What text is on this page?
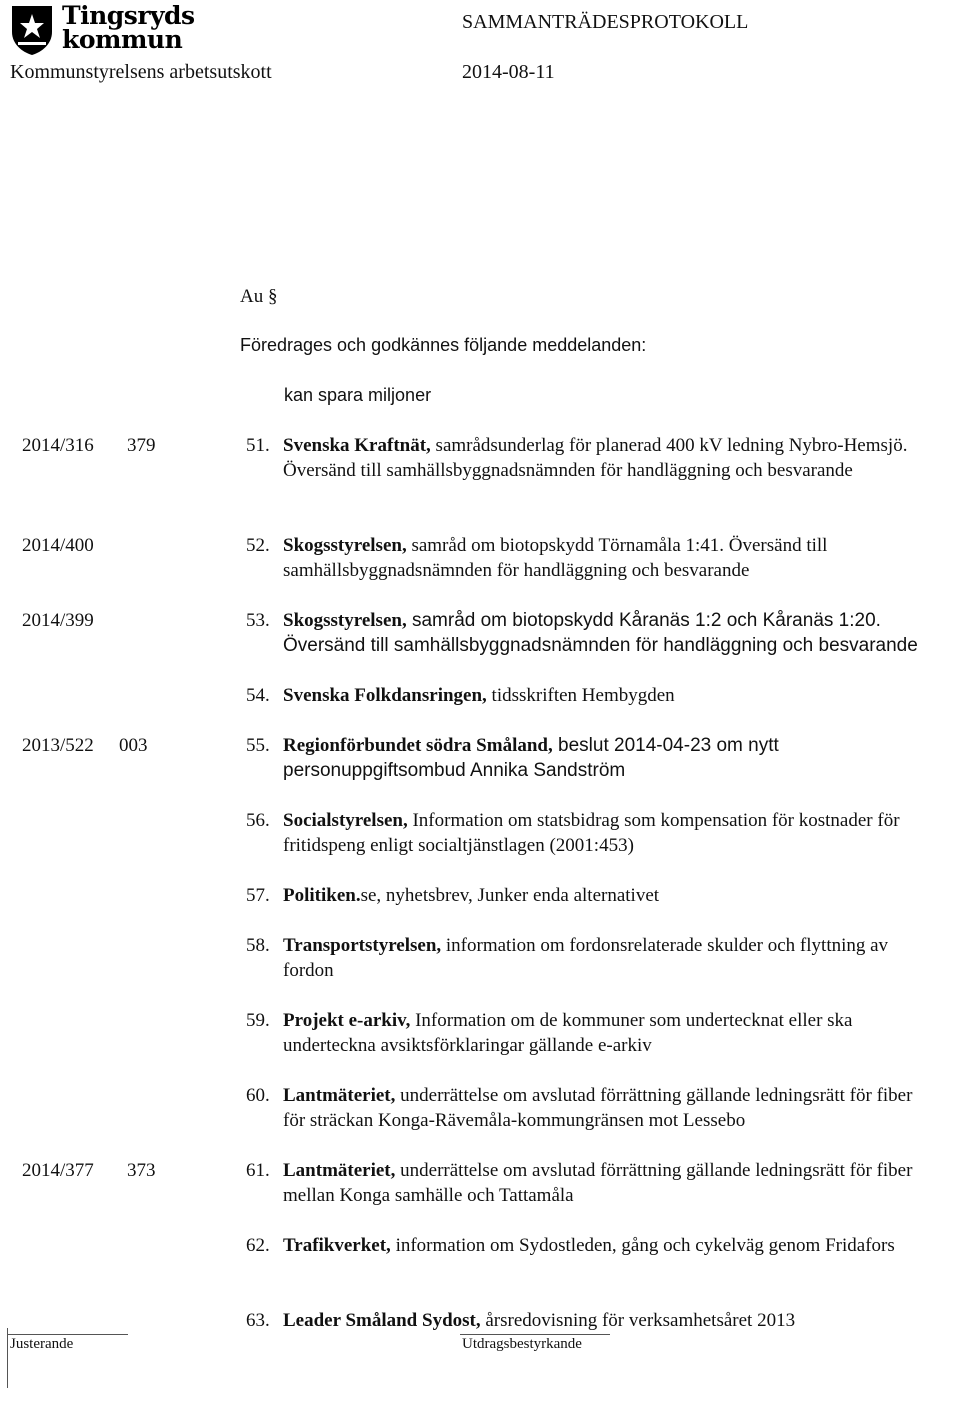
Tingsryds
kommun
SAMMANTRÄDESPROTOKOLL
Kommunstyrelsens arbetsutskott	2014-08-11
Au §
Föredrages och godkännes följande meddelanden:
kan spara miljoner
2014/316 379	51. Svenska Kraftnät, samrådsunderlag för planerad 400 kV ledning Nybro-Hemsjö. Översänd till samhällsbyggnadsnämnden för handläggning och besvarande
2014/400	52. Skogsstyrelsen, samråd om biotopskydd Törnamåla 1:41. Översänd till samhällsbyggnadsnämnden för handläggning och besvarande
2014/399	53. Skogsstyrelsen, samråd om biotopskydd Kåranäs 1:2 och Kåranäs 1:20. Översänd till samhällsbyggnadsnämnden för handläggning och besvarande
54. Svenska Folkdansringen, tidsskriften Hembygden
2013/522 003	55. Regionförbundet södra Småland, beslut 2014-04-23 om nytt personuppgiftsombud Annika Sandström
56. Socialstyrelsen, Information om statsbidrag som kompensation för kostnader för fritidspeng enligt socialtjänstlagen (2001:453)
57. Politiken.se, nyhetsbrev, Junker enda alternativet
58. Transportstyrelsen, information om fordonsrelaterade skulder och flyttning av fordon
59. Projekt e-arkiv, Information om de kommuner som undertecknat eller ska underteckna avsiktsförklaringar gällande e-arkiv
60. Lantmäteriet, underrättelse om avslutad förrättning gällande ledningsrätt för fiber för sträckan Konga-Rävemåla-kommungränsen mot Lessebo
2014/377 373	61. Lantmäteriet, underrättelse om avslutad förrättning gällande ledningsrätt för fiber mellan Konga samhälle och Tattamåla
62. Trafikverket, information om Sydostleden, gång och cykelväg genom Fridafors
63. Leader Småland Sydost, årsredovisning för verksamhetsåret 2013
Justerande	Utdragsbestyrkande
